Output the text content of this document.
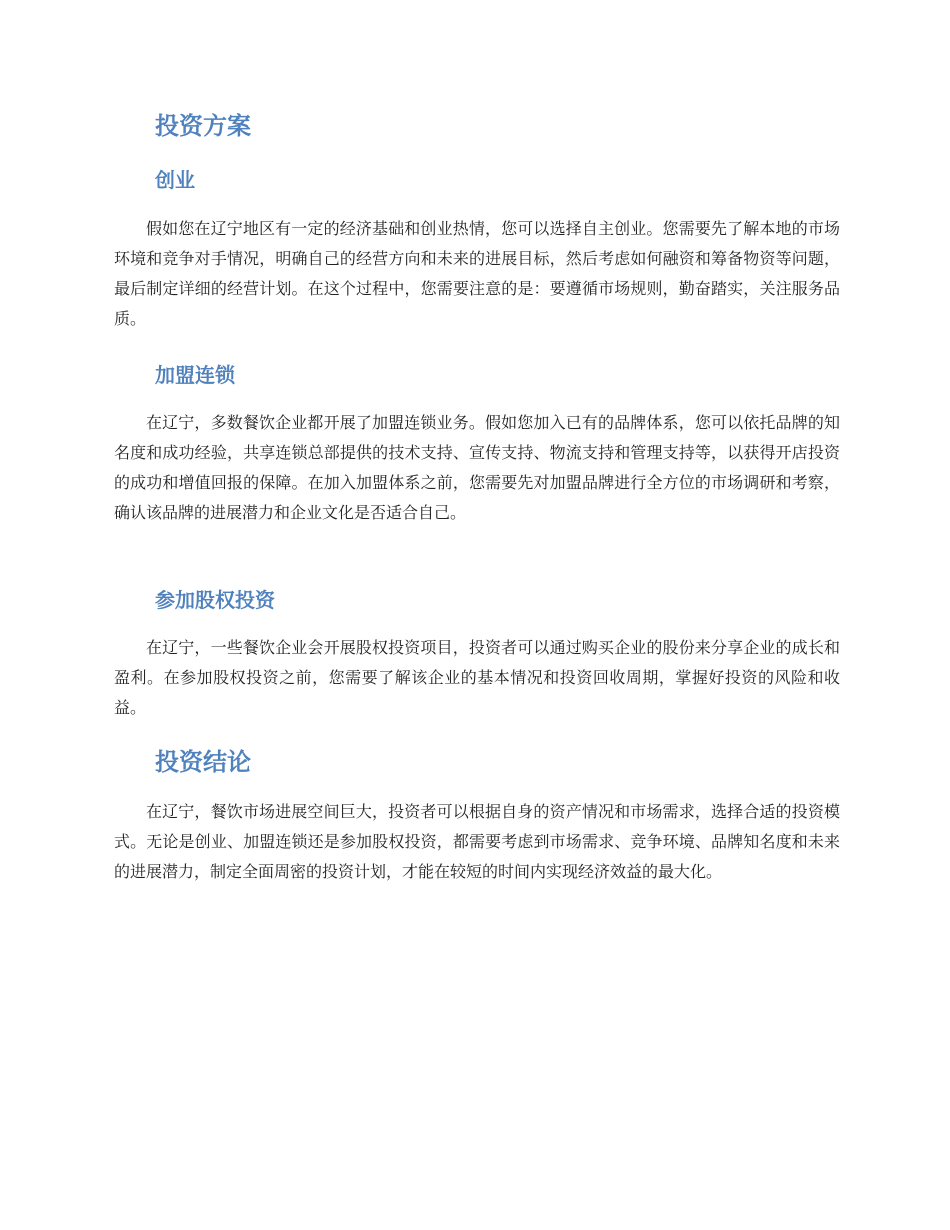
投资方案
创业

假如您在辽宁地区有一定的经济基础和创业热情，您可以选择自主创业。您需要先了解本地的市场环境和竞争对手情况，明确自己的经营方向和未来的进展目标，然后考虑如何融资和筹备物资等问题，最后制定详细的经营计划。在这个过程中，您需要注意的是：要遵循市场规则，勤奋踏实，关注服务品质。

加盟连锁

在辽宁，多数餐饮企业都开展了加盟连锁业务。假如您加入已有的品牌体系，您可以依托品牌的知名度和成功经验，共享连锁总部提供的技术支持、宣传支持、物流支持和管理支持等，以获得开店投资的成功和增值回报的保障。在加入加盟体系之前，您需要先对加盟品牌进行全方位的市场调研和考察，确认该品牌的进展潜力和企业文化是否适合自己。

参加股权投资

在辽宁，一些餐饮企业会开展股权投资项目，投资者可以通过购买企业的股份来分享企业的成长和盈利。在参加股权投资之前，您需要了解该企业的基本情况和投资回收周期，掌握好投资的风险和收益。

投资结论

在辽宁，餐饮市场进展空间巨大，投资者可以根据自身的资产情况和市场需求，选择合适的投资模式。无论是创业、加盟连锁还是参加股权投资，都需要考虑到市场需求、竞争环境、品牌知名度和未来的进展潜力，制定全面周密的投资计划，才能在较短的时间内实现经济效益的最大化。
